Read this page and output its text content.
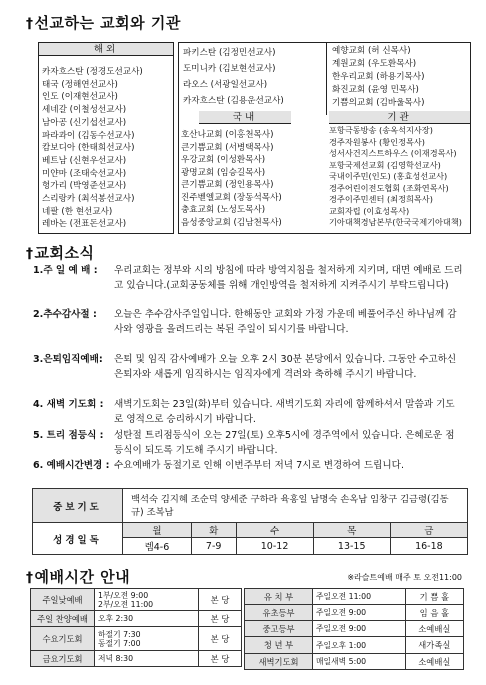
†선교하는 교회와 기관
해외
카자흐스탄 (정경도선교사)
태국 (정해연선교사)
인도 (이재현선교사)
세네갈 (이철성선교사)
남아공 (신기섭선교사)
파라과이 (김동수선교사)
캄보디아 (한태희선교사)
베트남 (신현우선교사)
미얀마 (조태숙선교사)
헝가리 (박영준선교사)
스리랑카 (최석봉선교사)
네팔 (한 현선교사)
레바논 (전표돈선교사)
파키스탄 (김정민선교사)
도미니카 (김보현선교사)
라오스 (서광일선교사)
카자흐스탄 (김용운선교사)
예향교회 (허 신목사)
계원교회 (우도환목사)
한우리교회 (하용기목사)
화진교회 (윤영 민목사)
기쁨의교회 (김바울목사)
국내	기관
호산나교회 (이홍천목사)
큰기쁨교회 (서병택목사)
우강교회 (이성환목사)
광명교회 (임승길목사)
큰기쁨교회 (정인용목사)
진주벧엘교회 (장동석목사)
충효교회 (노성도목사)
음성중앙교회 (김남천목사)
포항극동방송 (송옥석지사장)
경주자원봉사 (황인정목사)
성서사건지스트하우스 (이재경목사)
포항국제선교회 (김영학선교사)
국내이주민(인도) (홍효성선교사)
경주어린이전도협회 (조화연목사)
경주이주민센터 (최정희목사)
교회자립 (이효성목사)
기아대책경남본부(한국국제기아대책)
†교회소식
1.주 일 예 배 : 우리교회는 정부와 시의 방침에 따라 방역지침을 철저하게 지키며, 대면 예배로 드리고 있습니다.(교회공동체를 위해 개인방역을 철저하게 지켜주시기 부탁드립니다)
2.추수감사절 : 오늘은 추수감사주일입니다. 한해동안 교회와 가정 가운데 베풀어주신 하나님께 감사와 영광을 올려드리는 복된 주일이 되시기를 바랍니다.
3.은퇴임직예배: 은퇴 및 임직 감사예배가 오늘 오후 2시 30분 본당에서 있습니다. 그동안 수고하신 은퇴자와 새롭게 임직하시는 임직자에게 격려와 축하해 주시기 바랍니다.
4. 새벽 기도회 : 새벽기도회는 23일(화)부터 있습니다. 새벽기도회 자리에 함께하셔서 말씀과 기도로 영적으로 승리하시기 바랍니다.
5. 트리 점등식 : 성탄절 트리점등식이 오는 27일(토) 오후5시에 경주역에서 있습니다. 은혜로운 점등식이 되도록 기도해 주시기 바랍니다.
6. 예배시간변경 : 수요예배가 동절기로 인해 이번주부터 저녁 7시로 변경하여 드립니다.
중보기도	백석숙 김지혜 조순덕 양세준 구하라 육홍일 남명숙 손옥남 임창구 김금령(김동규) 조복남				
성경일독	월	화	수	목	금
	렘4-6	7-9	10-12	13-15	16-18
†예배시간 안내	※라슬트예배 매주 토 오전11:00
주일낮예배	1부/오전 9:00
2부/오전 11:00	본 당
주일 찬양예배	오후 2:30	본 당
수요기도회	하절기 7:30
동절기 7:00	본 당
금요기도회	저녁 8:30	본 당
유 치 부	주일오전 11:00	기 쁨 홀
유초등부	주일오전 9:00	임 음 홀
중고등부	주일오전 9:00	소예배실
청 년 부	주일오후 1:00	새가족실
새벽기도회	매일새벽 5:00	소예배실
